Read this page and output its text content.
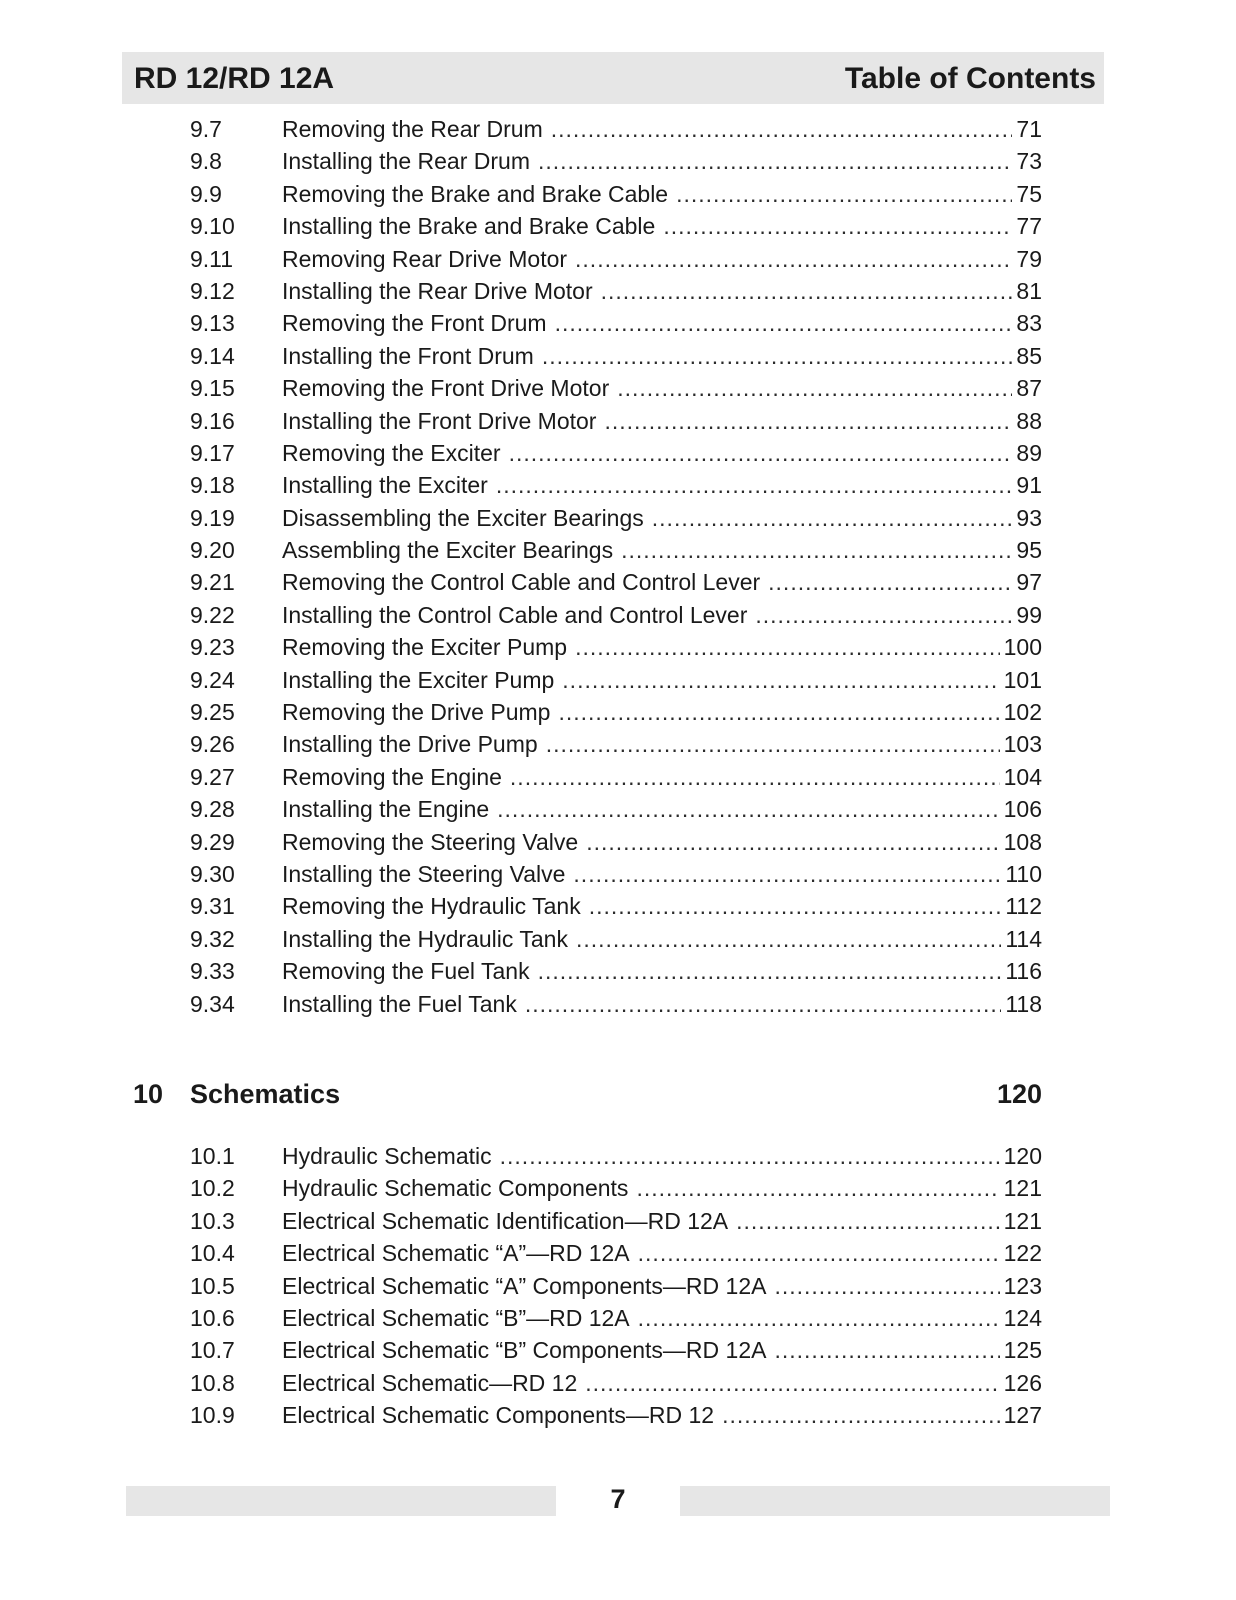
RD 12/RD 12A	Table of Contents
9.7	Removing the Rear Drum .....	71
9.8	Installing the Rear Drum .....	73
9.9	Removing the Brake and Brake Cable .....	75
9.10	Installing the Brake and Brake Cable .....	77
9.11	Removing Rear Drive Motor .....	79
9.12	Installing the Rear Drive Motor .....	81
9.13	Removing the Front Drum .....	83
9.14	Installing the Front Drum .....	85
9.15	Removing the Front Drive Motor .....	87
9.16	Installing the Front Drive Motor .....	88
9.17	Removing the Exciter .....	89
9.18	Installing the Exciter .....	91
9.19	Disassembling the Exciter Bearings .....	93
9.20	Assembling the Exciter Bearings .....	95
9.21	Removing the Control Cable and Control Lever .....	97
9.22	Installing the Control Cable and Control Lever .....	99
9.23	Removing the Exciter Pump .....	100
9.24	Installing the Exciter Pump .....	101
9.25	Removing the Drive Pump .....	102
9.26	Installing the Drive Pump .....	103
9.27	Removing the Engine .....	104
9.28	Installing the Engine .....	106
9.29	Removing the Steering Valve .....	108
9.30	Installing the Steering Valve .....	110
9.31	Removing the Hydraulic Tank .....	112
9.32	Installing the Hydraulic Tank .....	114
9.33	Removing the Fuel Tank .....	116
9.34	Installing the Fuel Tank .....	118
10 Schematics	120
10.1	Hydraulic Schematic .....	120
10.2	Hydraulic Schematic Components .....	121
10.3	Electrical Schematic Identification—RD 12A .....	121
10.4	Electrical Schematic “A”—RD 12A .....	122
10.5	Electrical Schematic “A” Components—RD 12A .....	123
10.6	Electrical Schematic “B”—RD 12A .....	124
10.7	Electrical Schematic “B” Components—RD 12A .....	125
10.8	Electrical Schematic—RD 12 .....	126
10.9	Electrical Schematic Components—RD 12 .....	127
7
